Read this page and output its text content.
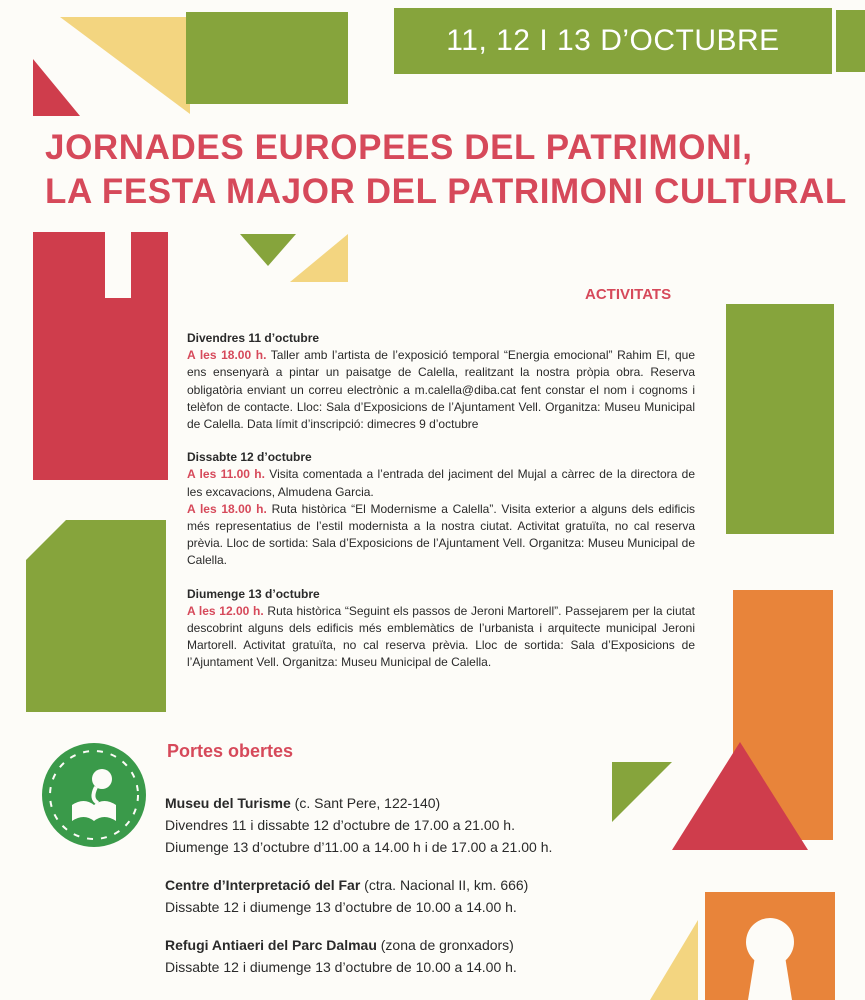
11, 12 I 13 D’OCTUBRE
JORNADES EUROPEES DEL PATRIMONI,
LA FESTA MAJOR DEL PATRIMONI CULTURAL
ACTIVITATS
Divendres 11 d’octubre

A les 18.00 h. Taller amb l’artista de l’exposició temporal “Energia emocional” Rahim El, que ens ensenyarà a pintar un paisatge de Calella, realitzant la nostra pròpia obra. Reserva obligatòria enviant un correu electrònic a m.calella@diba.cat fent constar el nom i cognoms i telèfon de contacte. Lloc: Sala d’Exposicions de l’Ajuntament Vell. Organitza: Museu Municipal de Calella. Data límit d’inscripció: dimecres 9 d’octubre

Dissabte 12 d’octubre

A les 11.00 h. Visita comentada a l’entrada del jaciment del Mujal a càrrec de la directora de les excavacions, Almudena Garcia.

A les 18.00 h. Ruta històrica “El Modernisme a Calella”. Visita exterior a alguns dels edificis més representatius de l’estil modernista a la nostra ciutat. Activitat gratuïta, no cal reserva prèvia. Lloc de sortida: Sala d’Exposicions de l’Ajuntament Vell. Organitza: Museu Municipal de Calella.

Diumenge 13 d’octubre

A les 12.00 h. Ruta històrica “Seguint els passos de Jeroni Martorell”. Passejarem per la ciutat descobrint alguns dels edificis més emblemàtics de l’urbanista i arquitecte municipal Jeroni Martorell. Activitat gratuïta, no cal reserva prèvia. Lloc de sortida: Sala d’Exposicions de l’Ajuntament Vell. Organitza: Museu Municipal de Calella.

Portes obertes
Museu del Turisme (c. Sant Pere, 122-140)
Divendres 11 i dissabte 12 d’octubre de 17.00 a 21.00 h.
Diumenge 13 d’octubre d’11.00 a 14.00 h i de 17.00 a 21.00 h.
Centre d’Interpretació del Far (ctra. Nacional II, km. 666)
Dissabte 12 i diumenge 13 d’octubre de 10.00 a 14.00 h.
Refugi Antiaeri del Parc Dalmau (zona de gronxadors)
Dissabte 12 i diumenge 13 d’octubre de 10.00 a 14.00 h.
